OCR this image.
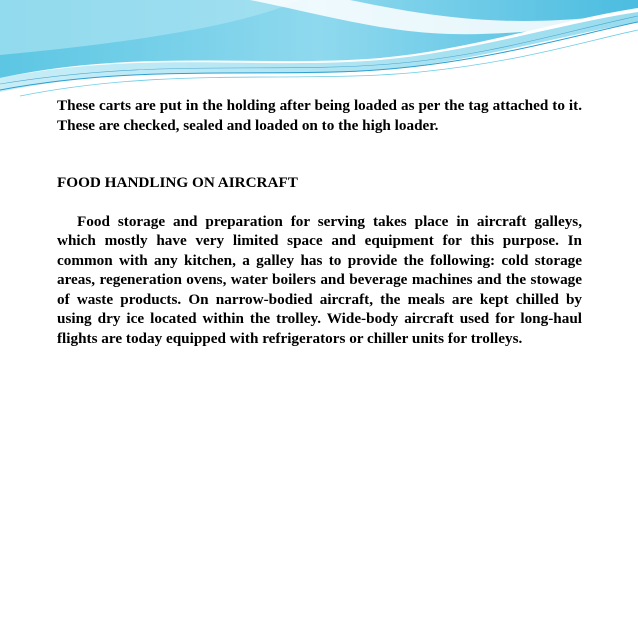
These carts are put in the holding after being loaded as per the tag attached to it. These are checked, sealed and loaded on to the high loader.

FOOD HANDLING ON AIRCRAFT

Food storage and preparation for serving takes place in aircraft galleys, which mostly have very limited space and equipment for this purpose. In common with any kitchen, a galley has to provide the following: cold storage areas, regeneration ovens, water boilers and beverage machines and the stowage of waste products. On narrow-bodied aircraft, the meals are kept chilled by using dry ice located within the trolley. Wide-body aircraft used for long-haul flights are today equipped with refrigerators or chiller units for trolleys.
